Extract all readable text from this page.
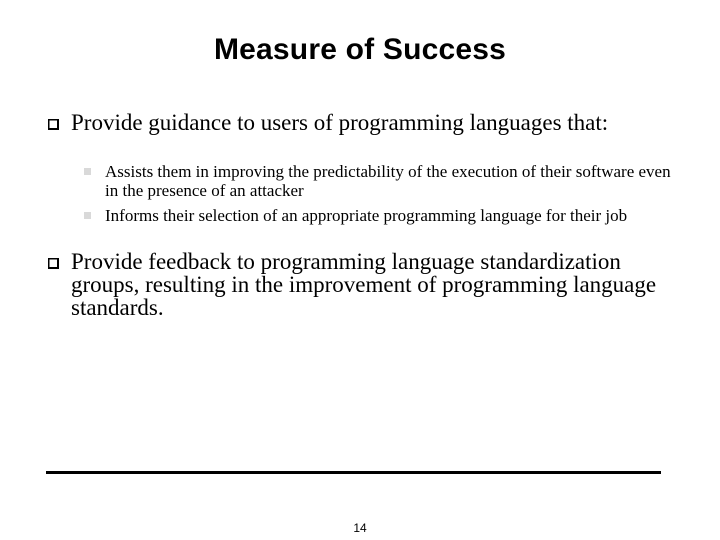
Measure of Success
Provide guidance to users of programming languages that:
Assists them in improving the predictability of the execution of their software even in the presence of an attacker
Informs their selection of an appropriate programming language for their job
Provide feedback to programming language standardization groups, resulting in the improvement of programming language standards.
14
